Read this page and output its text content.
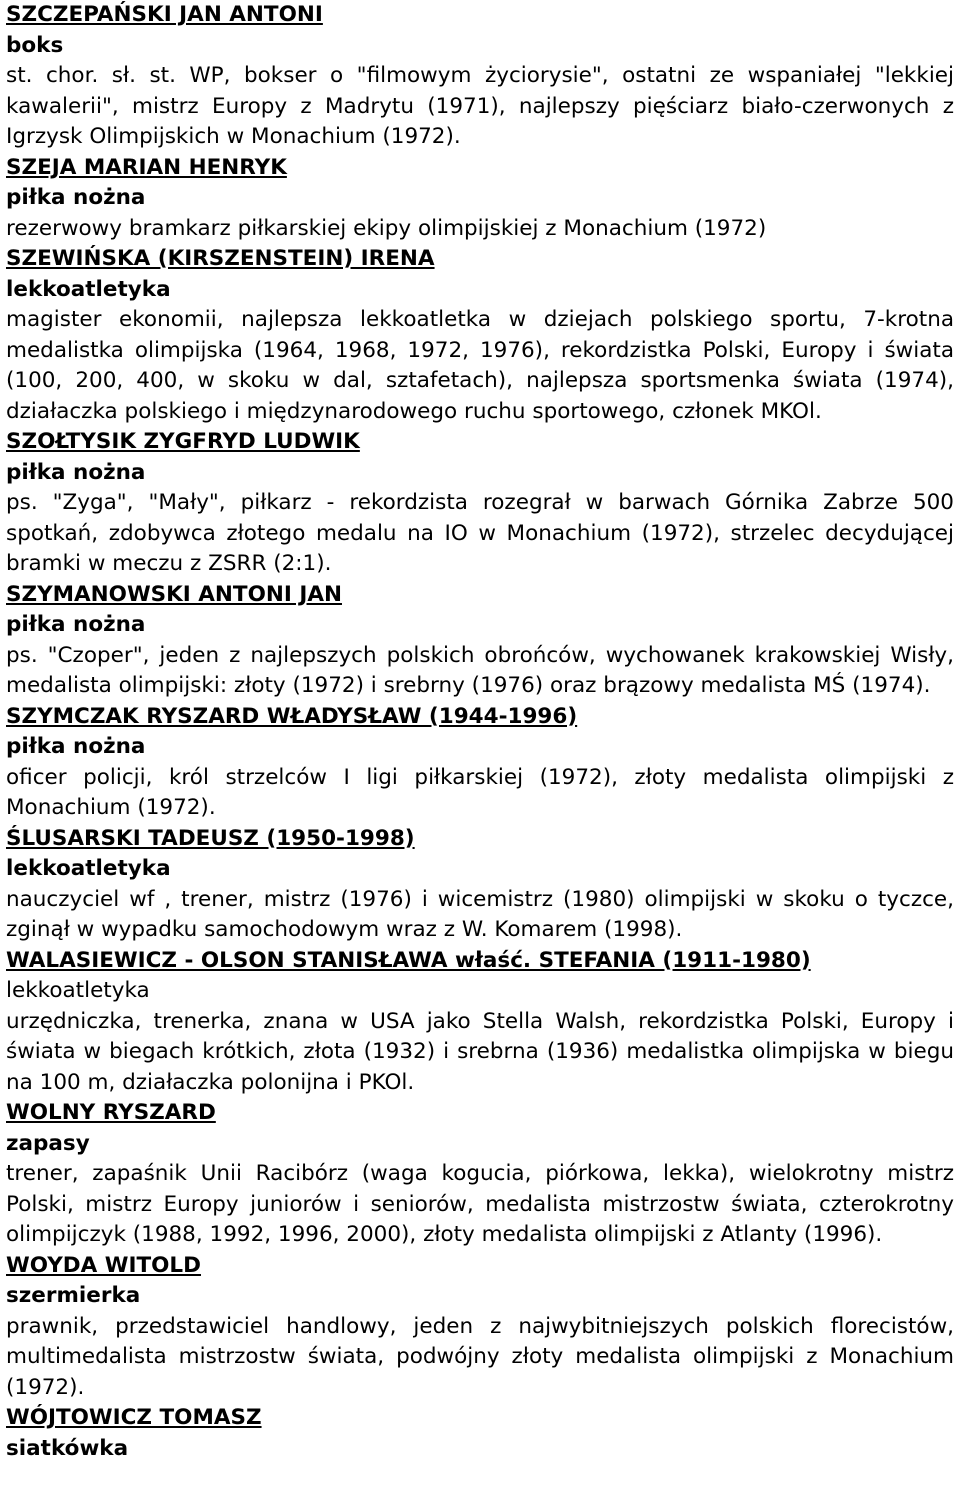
SZCZEPAŃSKI JAN ANTONI

boks

st. chor. sł. st. WP, bokser o "filmowym życiorysie", ostatni ze wspaniałej "lekkiej kawalerii", mistrz Europy z Madrytu (1971), najlepszy pięściarz biało-czerwonych z Igrzysk Olimpijskich w Monachium (1972).

SZEJA MARIAN HENRYK

piłka nożna

rezerwowy bramkarz piłkarskiej ekipy olimpijskiej z Monachium (1972)

SZEWIŃSKA (KIRSZENSTEIN) IRENA

lekkoatletyka

magister ekonomii, najlepsza lekkoatletka w dziejach polskiego sportu, 7-krotna medalistka olimpijska (1964, 1968, 1972, 1976), rekordzistka Polski, Europy i świata (100, 200, 400, w skoku w dal, sztafetach), najlepsza sportsmenka świata (1974), działaczka polskiego i międzynarodowego ruchu sportowego, członek MKOl.

SZOŁTYSIK ZYGFRYD LUDWIK

piłka nożna

ps. "Zyga", "Mały", piłkarz - rekordzista rozegrał w barwach Górnika Zabrze 500 spotkań, zdobywca złotego medalu na IO w Monachium (1972), strzelec decydującej bramki w meczu z ZSRR (2:1).

SZYMANOWSKI ANTONI JAN

piłka nożna

ps. "Czoper", jeden z najlepszych polskich obrońców, wychowanek krakowskiej Wisły, medalista olimpijski: złoty (1972) i srebrny (1976) oraz brązowy medalista MŚ (1974).

SZYMCZAK RYSZARD WŁADYSŁAW (1944-1996)

piłka nożna

oficer policji, król strzelców I ligi piłkarskiej (1972), złoty medalista olimpijski z Monachium (1972).

ŚLUSARSKI TADEUSZ (1950-1998)

lekkoatletyka

nauczyciel wf , trener, mistrz (1976) i wicemistrz (1980) olimpijski w skoku o tyczce, zginął w wypadku samochodowym wraz z W. Komarem (1998).

WALASIEWICZ - OLSON STANISŁAWA właść. STEFANIA (1911-1980)

lekkoatletyka

urzędniczka, trenerka, znana w USA jako Stella Walsh, rekordzistka Polski, Europy i świata w biegach krótkich, złota (1932) i srebrna (1936) medalistka olimpijska w biegu na 100 m, działaczka polonijna i PKOl.

WOLNY RYSZARD

zapasy

trener, zapaśnik Unii Racibórz (waga kogucia, piórkowa, lekka), wielokrotny mistrz Polski, mistrz Europy juniorów i seniorów, medalista mistrzostw świata, czterokrotny olimpijczyk (1988, 1992, 1996, 2000), złoty medalista olimpijski z Atlanty (1996).

WOYDA WITOLD

szermierka

prawnik, przedstawiciel handlowy, jeden z najwybitniejszych polskich florecistów, multimedalista mistrzostw świata, podwójny złoty medalista olimpijski z Monachium (1972).

WÓJTOWICZ TOMASZ

siatkówka
